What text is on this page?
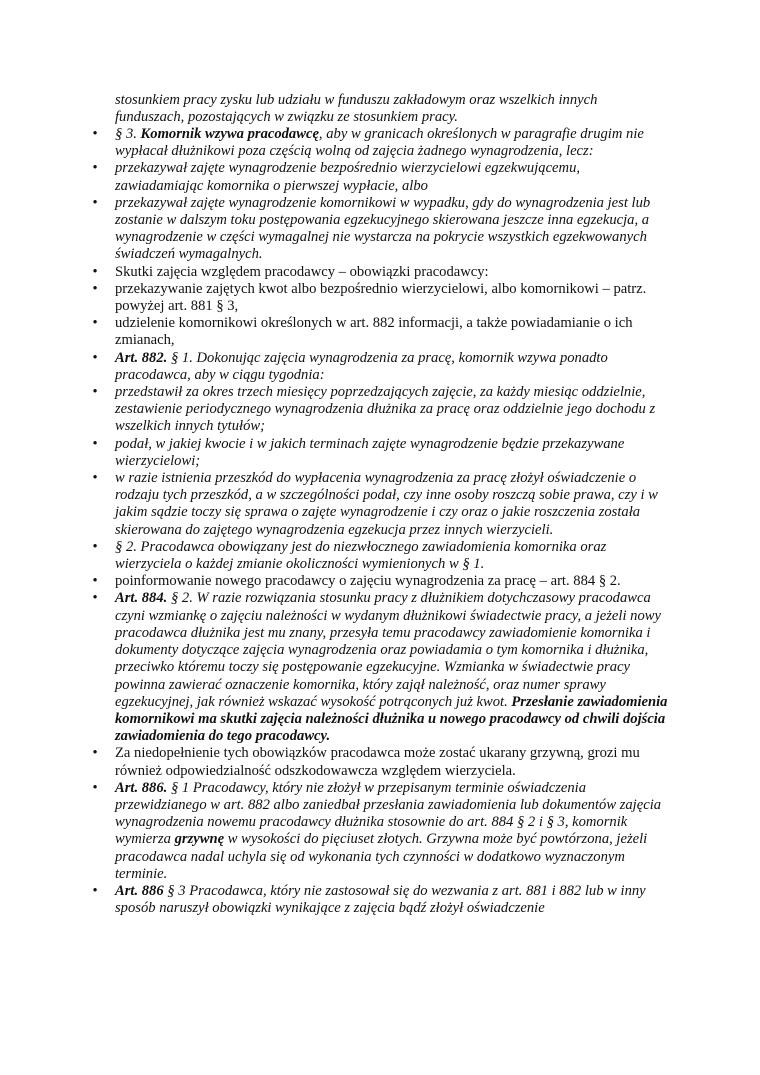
stosunkiem pracy zysku lub udziału w funduszu zakładowym oraz wszelkich innych funduszach, pozostających w związku ze stosunkiem pracy.

• § 3. Komornik wzywa pracodawcę, aby w granicach określonych w paragrafie drugim nie wypłacał dłużnikowi poza częścią wolną od zajęcia żadnego wynagrodzenia, lecz:
• przekazywał zajęte wynagrodzenie bezpośrednio wierzycielowi egzekwującemu, zawiadamiając komornika o pierwszej wypłacie, albo
• przekazywał zajęte wynagrodzenie komornikowi w wypadku, gdy do wynagrodzenia jest lub zostanie w dalszym toku postępowania egzekucyjnego skierowana jeszcze inna egzekucja, a wynagrodzenie w części wymagalnej nie wystarcza na pokrycie wszystkich egzekwowanych świadczeń wymagalnych.
• Skutki zajęcia względem pracodawcy – obowiązki pracodawcy:
• przekazywanie zajętych kwot albo bezpośrednio wierzycielowi, albo komornikowi – patrz. powyżej art. 881 § 3,
• udzielenie komornikowi określonych w art. 882 informacji, a także powiadamianie o ich zmianach,
• Art. 882. § 1. Dokonując zajęcia wynagrodzenia za pracę, komornik wzywa ponadto pracodawca, aby w ciągu tygodnia:
• przedstawił za okres trzech miesięcy poprzedzających zajęcie, za każdy miesiąc oddzielnie, zestawienie periodycznego wynagrodzenia dłużnika za pracę oraz oddzielnie jego dochodu z wszelkich innych tytułów;
• podał, w jakiej kwocie i w jakich terminach zajęte wynagrodzenie będzie przekazywane wierzycielowi;
• w razie istnienia przeszkód do wypłacenia wynagrodzenia za pracę złożył oświadczenie o rodzaju tych przeszkód, a w szczególności podał, czy inne osoby roszczą sobie prawa, czy i w jakim sądzie toczy się sprawa o zajęte wynagrodzenie i czy oraz o jakie roszczenia została skierowana do zajętego wynagrodzenia egzekucja przez innych wierzycieli.
• § 2. Pracodawca obowiązany jest do niezwłocznego zawiadomienia komornika oraz wierzyciela o każdej zmianie okoliczności wymienionych w § 1.
• poinformowanie nowego pracodawcy o zajęciu wynagrodzenia za pracę – art. 884 § 2.
• Art. 884. § 2. W razie rozwiązania stosunku pracy z dłużnikiem dotychczasowy pracodawca czyni wzmiankę o zajęciu należności w wydanym dłużnikowi świadectwie pracy, a jeżeli nowy pracodawca dłużnika jest mu znany, przesyła temu pracodawcy zawiadomienie komornika i dokumenty dotyczące zajęcia wynagrodzenia oraz powiadamia o tym komornika i dłużnika, przeciwko któremu toczy się postępowanie egzekucyjne. Wzmianka w świadectwie pracy powinna zawierać oznaczenie komornika, który zajął należność, oraz numer sprawy egzekucyjnej, jak również wskazać wysokość potrąconych już kwot. Przesłanie zawiadomienia komornikowi ma skutki zajęcia należności dłużnika u nowego pracodawcy od chwili dojścia zawiadomienia do tego pracodawcy.
• Za niedopełnienie tych obowiązków pracodawca może zostać ukarany grzywną, grozi mu również odpowiedzialność odszkodowawcza względem wierzyciela.
• Art. 886. § 1 Pracodawcy, który nie złożył w przepisanym terminie oświadczenia przewidzianego w art. 882 albo zaniedbał przesłania zawiadomienia lub dokumentów zajęcia wynagrodzenia nowemu pracodawcy dłużnika stosownie do art. 884 § 2 i § 3, komornik wymierza grzywnę w wysokości do pięciuset złotych. Grzywna może być powtórzona, jeżeli pracodawca nadal uchyla się od wykonania tych czynności w dodatkowo wyznaczonym terminie.
• Art. 886 § 3 Pracodawca, który nie zastosował się do wezwania z art. 881 i 882 lub w inny sposób naruszył obowiązki wynikające z zajęcia bądź złożył oświadczenie
